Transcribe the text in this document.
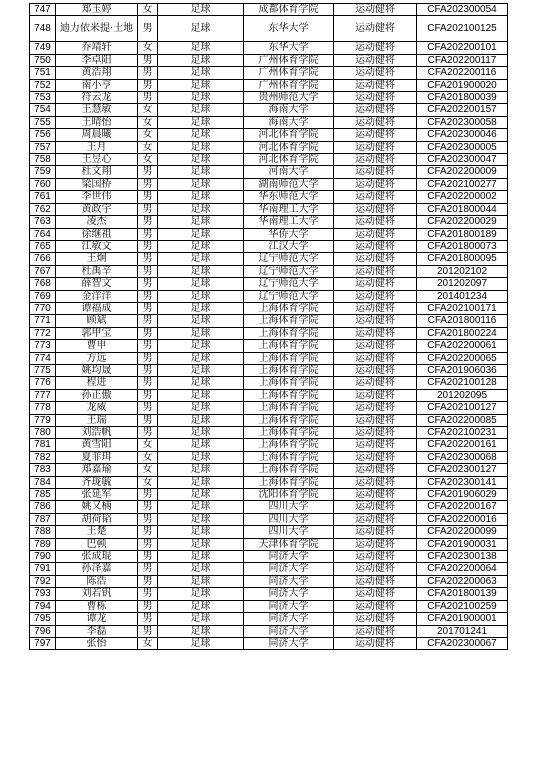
747	郑玉婷	女	足球	成都体育学院	运动健将	CFA202300054
748	迪力依米提·土地	男	足球	东华大学	运动健将	CFA202100125
749	乔靖轩	女	足球	东华大学	运动健将	CFA202200101
750	李卓阳	男	足球	广州体育学院	运动健将	CFA202200117
751	黄浩翔	男	足球	广州体育学院	运动健将	CFA202200116
752	南小亨	男	足球	广州体育学院	运动健将	CFA201900020
753	符云龙	男	足球	贵州师范大学	运动健将	CFA201800039
754	王慧敏	女	足球	海南大学	运动健将	CFA202200157
755	王晴怡	女	足球	海南大学	运动健将	CFA202300058
756	周晨曦	女	足球	河北体育学院	运动健将	CFA202300046
757	王月	女	足球	河北体育学院	运动健将	CFA202300005
758	王昱心	女	足球	河北体育学院	运动健将	CFA202300047
759	杜文翔	男	足球	河南大学	运动健将	CFA202200009
760	梁国桥	男	足球	湖南师范大学	运动健将	CFA202100277
761	李世伟	男	足球	华东师范大学	运动健将	CFA202200002
762	黄政宇	男	足球	华南理工大学	运动健将	CFA201800044
763	凌杰	男	足球	华南理工大学	运动健将	CFA202200029
764	徐继祖	男	足球	华侨大学	运动健将	CFA201800189
765	江敏文	男	足球	江汉大学	运动健将	CFA201800073
766	王炯	男	足球	辽宁师范大学	运动健将	CFA201800095
767	杜禹辛	男	足球	辽宁师范大学	运动健将	201202102
768	薛智文	男	足球	辽宁师范大学	运动健将	201202097
769	金洋洋	男	足球	辽宁师范大学	运动健将	201401234
770	谭福成	男	足球	上海体育学院	运动健将	CFA202100171
771	顾斌	男	足球	上海体育学院	运动健将	CFA201800116
772	郭甲宝	男	足球	上海体育学院	运动健将	CFA201800224
773	曹申	男	足球	上海体育学院	运动健将	CFA202200061
774	方远	男	足球	上海体育学院	运动健将	CFA202200065
775	姚均晟	男	足球	上海体育学院	运动健将	CFA201906036
776	程进	男	足球	上海体育学院	运动健将	CFA202100128
777	孙正傲	男	足球	上海体育学院	运动健将	201202095
778	龙威	男	足球	上海体育学院	运动健将	CFA202100127
779	王瑞	男	足球	上海体育学院	运动健将	CFA202200085
780	刘浩帆	男	足球	上海体育学院	运动健将	CFA202100231
781	黄雪阳	女	足球	上海体育学院	运动健将	CFA202200161
782	夏菲珥	女	足球	上海体育学院	运动健将	CFA202300068
783	郑嘉瑜	女	足球	上海体育学院	运动健将	CFA202300127
784	齐珑毓	女	足球	上海体育学院	运动健将	CFA202300141
785	张延军	男	足球	沈阳体育学院	运动健将	CFA201906029
786	姚又楠	男	足球	四川大学	运动健将	CFA202200167
787	胡荷韬	男	足球	四川大学	运动健将	CFA202200016
788	王楚	男	足球	四川大学	运动健将	CFA202200099
789	巴顿	男	足球	天津体育学院	运动健将	CFA201900031
790	张成琨	男	足球	同济大学	运动健将	CFA202300138
791	孙泽嘉	男	足球	同济大学	运动健将	CFA202200064
792	陈浩	男	足球	同济大学	运动健将	CFA202200063
793	刘若钒	男	足球	同济大学	运动健将	CFA201800139
794	曹栋	男	足球	同济大学	运动健将	CFA202100259
795	谭龙	男	足球	同济大学	运动健将	CFA201900001
796	李磊	男	足球	同济大学	运动健将	201701241
797	张怡	女	足球	同济大学	运动健将	CFA202300067
